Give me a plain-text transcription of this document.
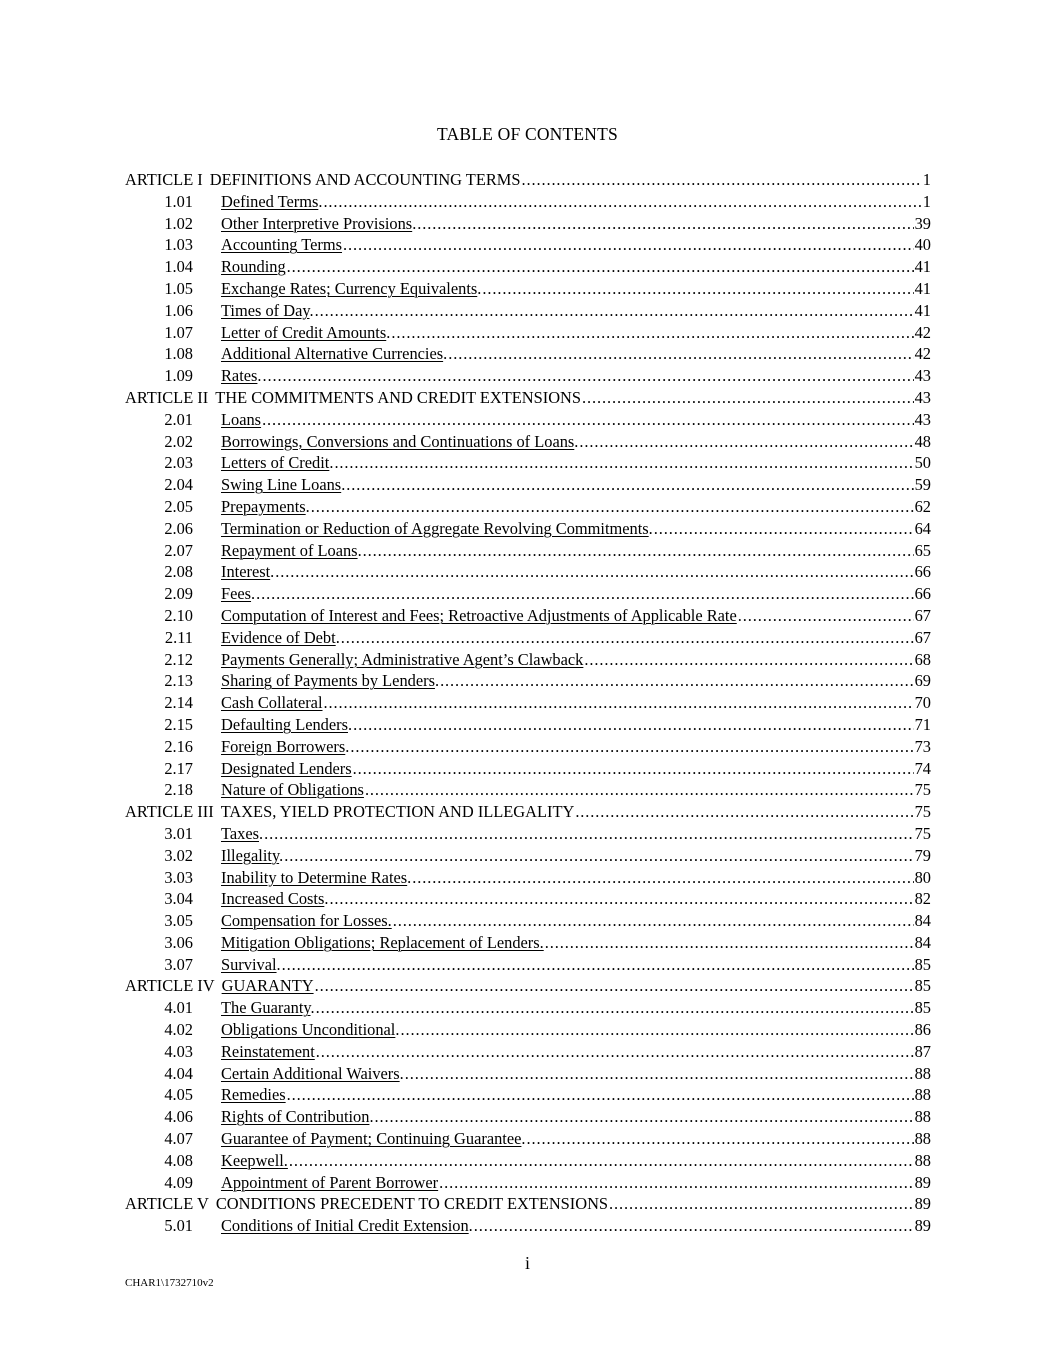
TABLE OF CONTENTS
ARTICLE I DEFINITIONS AND ACCOUNTING TERMS . . .	1
1.01	Defined Terms. . . .	1
1.02	Other Interpretive Provisions. . . .	39
1.03	Accounting Terms . . .	40
1.04	Rounding . . .	41
1.05	Exchange Rates; Currency Equivalents. . . .	41
1.06	Times of Day. . . .	41
1.07	Letter of Credit Amounts. . . .	42
1.08	Additional Alternative Currencies. . . .	42
1.09	Rates. . . .	43
ARTICLE II THE COMMITMENTS AND CREDIT EXTENSIONS . . .	43
2.01	Loans . . .	43
2.02	Borrowings, Conversions and Continuations of Loans. . . .	48
2.03	Letters of Credit. . . .	50
2.04	Swing Line Loans. . . .	59
2.05	Prepayments. . . .	62
2.06	Termination or Reduction of Aggregate Revolving Commitments. . . .	64
2.07	Repayment of Loans. . . .	65
2.08	Interest. . . .	66
2.09	Fees. . . .	66
2.10	Computation of Interest and Fees; Retroactive Adjustments of Applicable Rate . . .	67
2.11	Evidence of Debt. . . .	67
2.12	Payments Generally; Administrative Agent’s Clawback . . .	68
2.13	Sharing of Payments by Lenders. . . .	69
2.14	Cash Collateral . . .	70
2.15	Defaulting Lenders. . . .	71
2.16	Foreign Borrowers. . . .	73
2.17	Designated Lenders . . .	74
2.18	Nature of Obligations . . .	75
ARTICLE III TAXES, YIELD PROTECTION AND ILLEGALITY . . .	75
3.01	Taxes. . . .	75
3.02	Illegality. . . .	79
3.03	Inability to Determine Rates. . . .	80
3.04	Increased Costs. . . .	82
3.05	Compensation for Losses. . . .	84
3.06	Mitigation Obligations; Replacement of Lenders. . . .	84
3.07	Survival. . . .	85
ARTICLE IV GUARANTY . . .	85
4.01	The Guaranty. . . .	85
4.02	Obligations Unconditional. . . .	86
4.03	Reinstatement . . .	87
4.04	Certain Additional Waivers. . . .	88
4.05	Remedies . . .	88
4.06	Rights of Contribution. . . .	88
4.07	Guarantee of Payment; Continuing Guarantee. . . .	88
4.08	Keepwell. . . .	88
4.09	Appointment of Parent Borrower . . .	89
ARTICLE V CONDITIONS PRECEDENT TO CREDIT EXTENSIONS . . .	89
5.01	Conditions of Initial Credit Extension. . . .	89
i
CHAR1\1732710v2
